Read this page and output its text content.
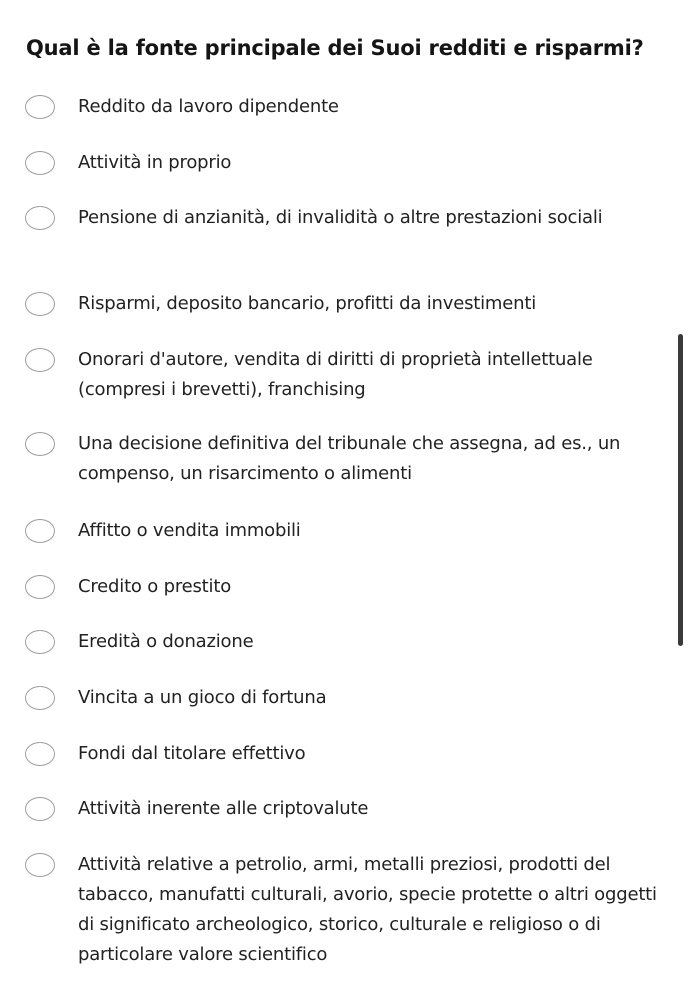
Qual è la fonte principale dei Suoi redditi e risparmi?
Reddito da lavoro dipendente
Attività in proprio
Pensione di anzianità, di invalidità o altre prestazioni sociali
Risparmi, deposito bancario, profitti da investimenti
Onorari d'autore, vendita di diritti di proprietà intellettuale (compresi i brevetti), franchising
Una decisione definitiva del tribunale che assegna, ad es., un compenso, un risarcimento o alimenti
Affitto o vendita immobili
Credito o prestito
Eredità o donazione
Vincita a un gioco di fortuna
Fondi dal titolare effettivo
Attività inerente alle criptovalute
Attività relative a petrolio, armi, metalli preziosi, prodotti del tabacco, manufatti culturali, avorio, specie protette o altri oggetti di significato archeologico, storico, culturale e religioso o di particolare valore scientifico
